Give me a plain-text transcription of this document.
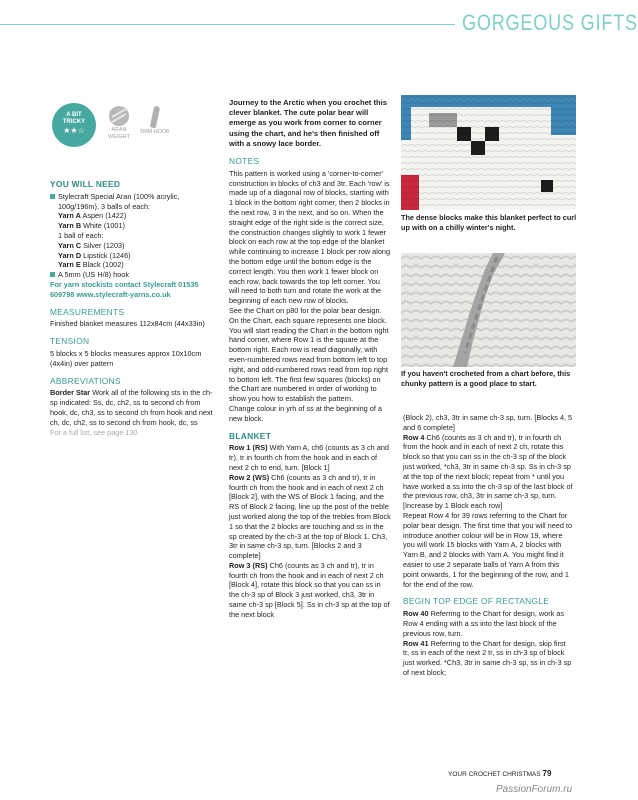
GORGEOUS GIFTS
A BIT
TRICKY
★★☆	ARAN WEIGHT
5MM HOOK
YOU WILL NEED
Stylecraft Special Aran (100% acrylic, 100g/196m), 3 balls of each:
Yarn A Aspen (1422)
Yarn B White (1001)
1 ball of each:
Yarn C Silver (1203)
Yarn D Lipstick (1246)
Yarn E Black (1002)
A 5mm (US H/8) hook
For yarn stockists contact Stylecraft 01535 609798 www.stylecraft-yarns.co.uk
MEASUREMENTS
Finished blanket measures 112x84cm (44x33in)
TENSION
5 blocks x 5 blocks measures approx 10x10cm (4x4in) over pattern
ABBREVIATIONS
Border Star Work all of the following sts in the ch-sp indicated: Ss, dc, ch2, ss to second ch from hook, dc, ch3, ss to second ch from hook and next ch, dc, ch2, ss to second ch from hook, dc, ss
For a full list, see page 130
Journey to the Arctic when you crochet this clever blanket. The cute polar bear will emerge as you work from corner to corner using the chart, and he's then finished off with a snowy lace border.
NOTES
This pattern is worked using a 'corner-to-corner' construction in blocks of ch3 and 3tr. Each 'row' is made up of a diagonal row of blocks, starting with 1 block in the bottom right corner, then 2 blocks in the next row, 3 in the next, and so on. When the straight edge of the right side is the correct size, the construction changes slightly to work 1 fewer block on each row at the top edge of the blanket while continuing to increase 1 block per row along the bottom edge until the bottom edge is the correct length. You then work 1 fewer block on each row, back towards the top left corner. You will need to both turn and rotate the work at the beginning of each new row of blocks.
See the Chart on p80 for the polar bear design. On the Chart, each square represents one block. You will start reading the Chart in the bottom right hand corner, where Row 1 is the square at the bottom right. Each row is read diagonally, with even-numbered rows read from bottom left to top right, and odd-numbered rows read from top right to bottom left. The first few squares (blocks) on the Chart are numbered in order of working to show you how to establish the pattern.
Change colour in yrh of ss at the beginning of a new block.
BLANKET
Row 1 (RS) With Yarn A, ch6 (counts as 3 ch and tr), tr in fourth ch from the hook and in each of next 2 ch to end, turn. [Block 1]
Row 2 (WS) Ch6 (counts as 3 ch and tr), tr in fourth ch from the hook and in each of next 2 ch [Block 2], with the WS of Block 1 facing, and the RS of Block 2 facing, line up the post of the treble just worked along the top of the trebles from Block 1 so that the 2 blocks are touching and ss in the sp created by the ch-3 at the top of Block 1. Ch3, 3tr in same ch-3 sp, turn. [Blocks 2 and 3 complete]
Row 3 (RS) Ch6 (counts as 3 ch and tr), tr in fourth ch from the hook and in each of next 2 ch [Block 4], rotate this block so that you can ss in the ch-3 sp of Block 3 just worked, ch3, 3tr in same ch-3 sp [Block 5]. Ss in ch-3 sp at the top of the next block
The dense blocks make this blanket perfect to curl up with on a chilly winter's night.
If you haven't crocheted from a chart before, this chunky pattern is a good place to start.
(Block 2), ch3, 3tr in same ch-3 sp, turn. [Blocks 4, 5 and 6 complete]
Row 4 Ch6 (counts as 3 ch and tr), tr in fourth ch from the hook and in each of next 2 ch, rotate this block so that you can ss in the ch-3 sp of the block just worked, *ch3, 3tr in same ch-3 sp. Ss in ch-3 sp at the top of the next block; repeat from * until you have worked a ss into the ch-3 sp of the last block of the previous row, ch3, 3tr in same ch-3 sp, turn. [Increase by 1 Block each row]
Repeat Row 4 for 39 rows referring to the Chart for polar bear design. The first time that you will need to introduce another colour will be in Row 19, where you will work 15 blocks with Yarn A, 2 blocks with Yarn B, and 2 blocks with Yarn A. You might find it easier to use 2 separate balls of Yarn A from this point onwards, 1 for the beginning of the row, and 1 for the end of the row.
BEGIN TOP EDGE OF RECTANGLE
Row 40 Referring to the Chart for design, work as Row 4 ending with a ss into the last block of the previous row, turn.
Row 41 Referring to the Chart for design, skip first tr, ss in each of the next 2 tr, ss in ch-3 sp of block just worked. *Ch3, 3tr in same ch-3 sp, ss in ch-3 sp of next block;
YOUR CROCHET CHRISTMAS 79
PassionForum.ru
